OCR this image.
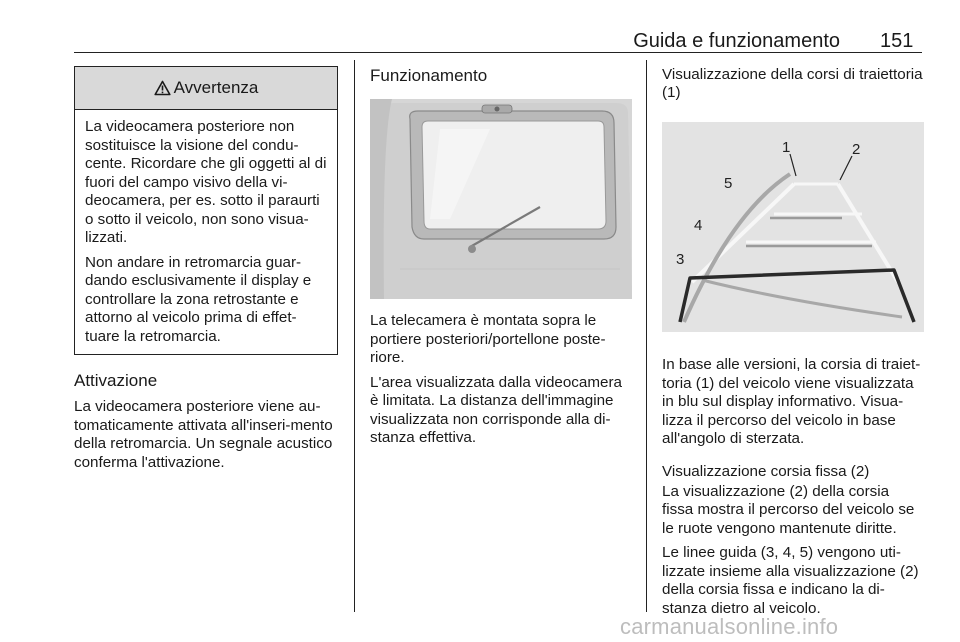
Guida e funzionamento 151
Avvertenza

La videocamera posteriore non sostituisce la visione del condu-cente. Ricordare che gli oggetti al di fuori del campo visivo della vi-deocamera, per es. sotto il paraurti o sotto il veicolo, non sono visua-lizzati.

Non andare in retromarcia guar-dando esclusivamente il display e controllare la zona retrostante e attorno al veicolo prima di effet-tuare la retromarcia.

Attivazione

La videocamera posteriore viene au-tomaticamente attivata all'inseri-mento della retromarcia. Un segnale acustico conferma l'attivazione.

Funzionamento

La telecamera è montata sopra le portiere posteriori/portellone poste-riore.

L'area visualizzata dalla videocamera è limitata. La distanza dell'immagine visualizzata non corrisponde alla di-stanza effettiva.

Visualizzazione della corsi di traiettoria (1)
1	2
3
4
5

In base alle versioni, la corsia di traiet-toria (1) del veicolo viene visualizzata in blu sul display informativo. Visua-lizza il percorso del veicolo in base all'angolo di sterzata.

Visualizzazione corsia fissa (2)

La visualizzazione (2) della corsia fissa mostra il percorso del veicolo se le ruote vengono mantenute diritte.

Le linee guida (3, 4, 5) vengono uti-lizzate insieme alla visualizzazione (2) della corsia fissa e indicano la di-stanza dietro al veicolo.

carmanualsonline.info
